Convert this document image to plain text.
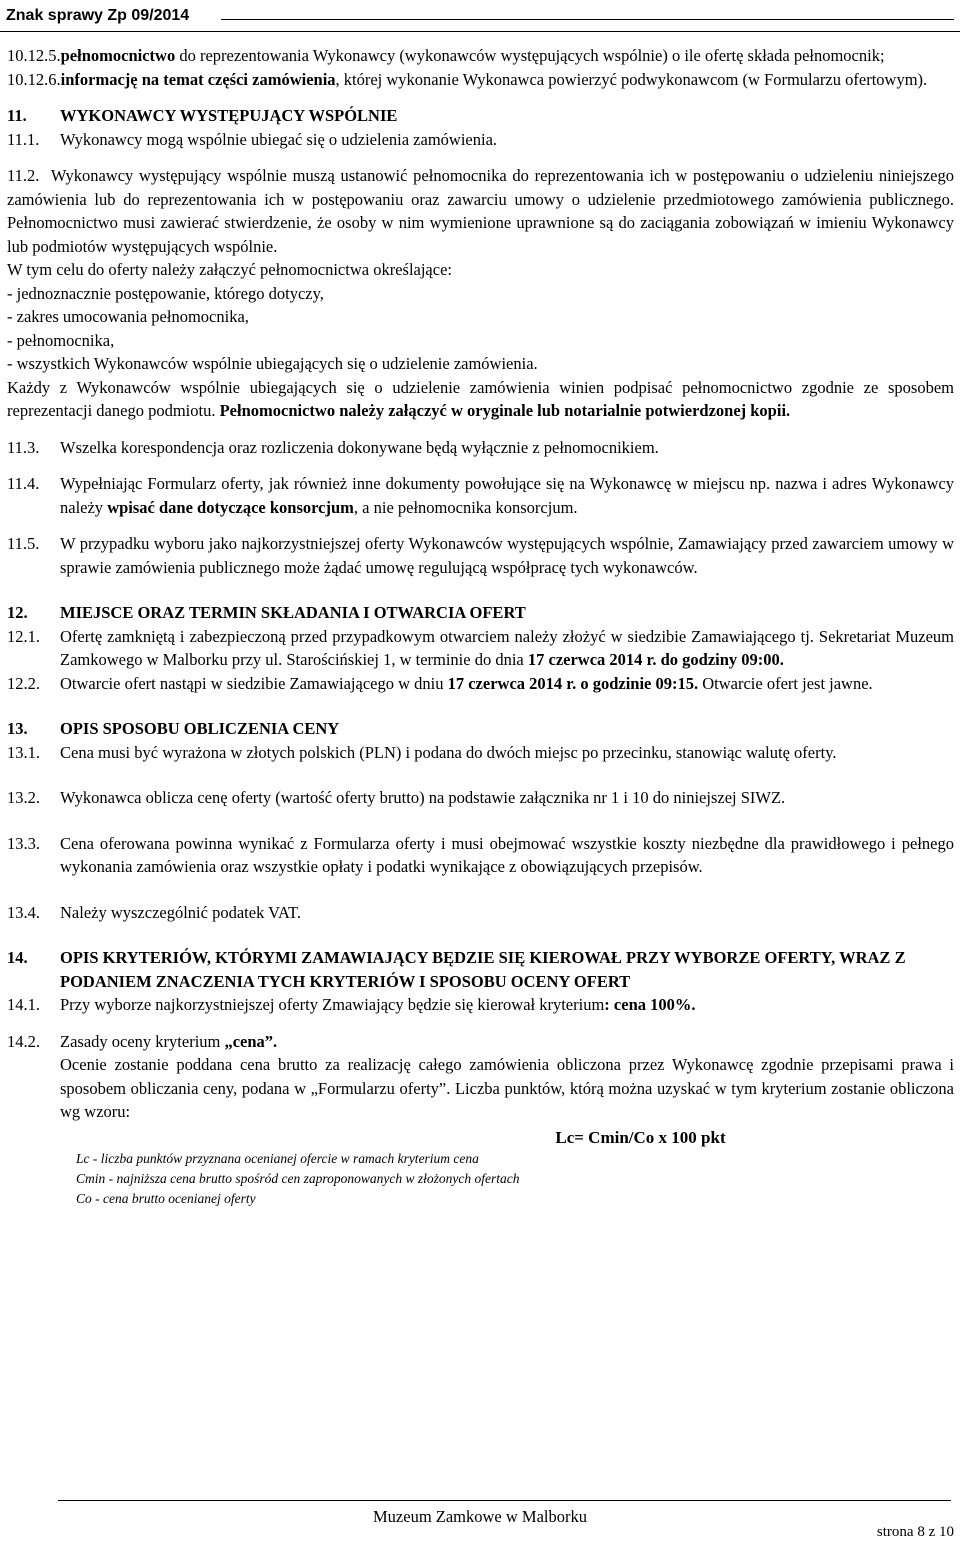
Znak sprawy Zp 09/2014
10.12.5. pełnomocnictwo do reprezentowania Wykonawcy (wykonawców występujących wspólnie) o ile ofertę składa pełnomocnik;
10.12.6. informację na temat części zamówienia, której wykonanie Wykonawca powierzyć podwykonawcom (w Formularzu ofertowym).
11.	WYKONAWCY WYSTĘPUJĄCY WSPÓLNIE
11.1.	Wykonawcy mogą wspólnie ubiegać się o udzielenia zamówienia.
11.2. Wykonawcy występujący wspólnie muszą ustanowić pełnomocnika do reprezentowania ich w postępowaniu o udzieleniu niniejszego zamówienia lub do reprezentowania ich w postępowaniu oraz zawarciu umowy o udzielenie przedmiotowego zamówienia publicznego. Pełnomocnictwo musi zawierać stwierdzenie, że osoby w nim wymienione uprawnione są do zaciągania zobowiązań w imieniu Wykonawcy lub podmiotów występujących wspólnie.
W tym celu do oferty należy załączyć pełnomocnictwa określające:
- jednoznacznie postępowanie, którego dotyczy,
- zakres umocowania pełnomocnika,
- pełnomocnika,
- wszystkich Wykonawców wspólnie ubiegających się o udzielenie zamówienia.
Każdy z Wykonawców wspólnie ubiegających się o udzielenie zamówienia winien podpisać pełnomocnictwo zgodnie ze sposobem reprezentacji danego podmiotu. Pełnomocnictwo należy załączyć w oryginale lub notarialnie potwierdzonej kopii.
11.3.	Wszelka korespondencja oraz rozliczenia dokonywane będą wyłącznie z pełnomocnikiem.
11.4.	Wypełniając Formularz oferty, jak również inne dokumenty powołujące się na Wykonawcę w miejscu np. nazwa i adres Wykonawcy należy wpisać dane dotyczące konsorcjum, a nie pełnomocnika konsorcjum.
11.5.	W przypadku wyboru jako najkorzystniejszej oferty Wykonawców występujących wspólnie, Zamawiający przed zawarciem umowy w sprawie zamówienia publicznego może żądać umowę regulującą współpracę tych wykonawców.
12.	MIEJSCE ORAZ TERMIN SKŁADANIA I OTWARCIA OFERT
12.1.	Ofertę zamkniętą i zabezpieczoną przed przypadkowym otwarciem należy złożyć w siedzibie Zamawiającego tj. Sekretariat Muzeum Zamkowego w Malborku przy ul. Starościńskiej 1, w terminie do dnia 17 czerwca 2014 r. do godziny 09:00.
12.2.	Otwarcie ofert nastąpi w siedzibie Zamawiającego w dniu 17 czerwca 2014 r. o godzinie 09:15. Otwarcie ofert jest jawne.
13.	OPIS SPOSOBU OBLICZENIA CENY
13.1.	Cena musi być wyrażona w złotych polskich (PLN) i podana do dwóch miejsc po przecinku, stanowiąc walutę oferty.
13.2.	Wykonawca oblicza cenę oferty (wartość oferty brutto) na podstawie załącznika nr 1 i 10 do niniejszej SIWZ.
13.3.	Cena oferowana powinna wynikać z Formularza oferty i musi obejmować wszystkie koszty niezbędne dla prawidłowego i pełnego wykonania zamówienia oraz wszystkie opłaty i podatki wynikające z obowiązujących przepisów.
13.4.	Należy wyszczególnić podatek VAT.
14.	OPIS KRYTERIÓW, KTÓRYMI ZAMAWIAJĄCY BĘDZIE SIĘ KIEROWAŁ PRZY WYBORZE OFERTY, WRAZ Z PODANIEM ZNACZENIA TYCH KRYTERIÓW I SPOSOBU OCENY OFERT
14.1.	Przy wyborze najkorzystniejszej oferty Zmawiający będzie się kierował kryterium: cena 100%.
14.2.	Zasady oceny kryterium „cena”.
Ocenie zostanie poddana cena brutto za realizację całego zamówienia obliczona przez Wykonawcę zgodnie przepisami prawa i sposobem obliczania ceny, podana w „Formularzu oferty”. Liczba punktów, którą można uzyskać w tym kryterium zostanie obliczona wg wzoru:
Lc= Cmin/Co x 100 pkt
Lc - liczba punktów przyznana ocenianej ofercie w ramach kryterium cena
Cmin - najniższa cena brutto spośród cen zaproponowanych w złożonych ofertach
Co - cena brutto ocenianej oferty
Muzeum Zamkowe w Malborku
strona 8 z 10
